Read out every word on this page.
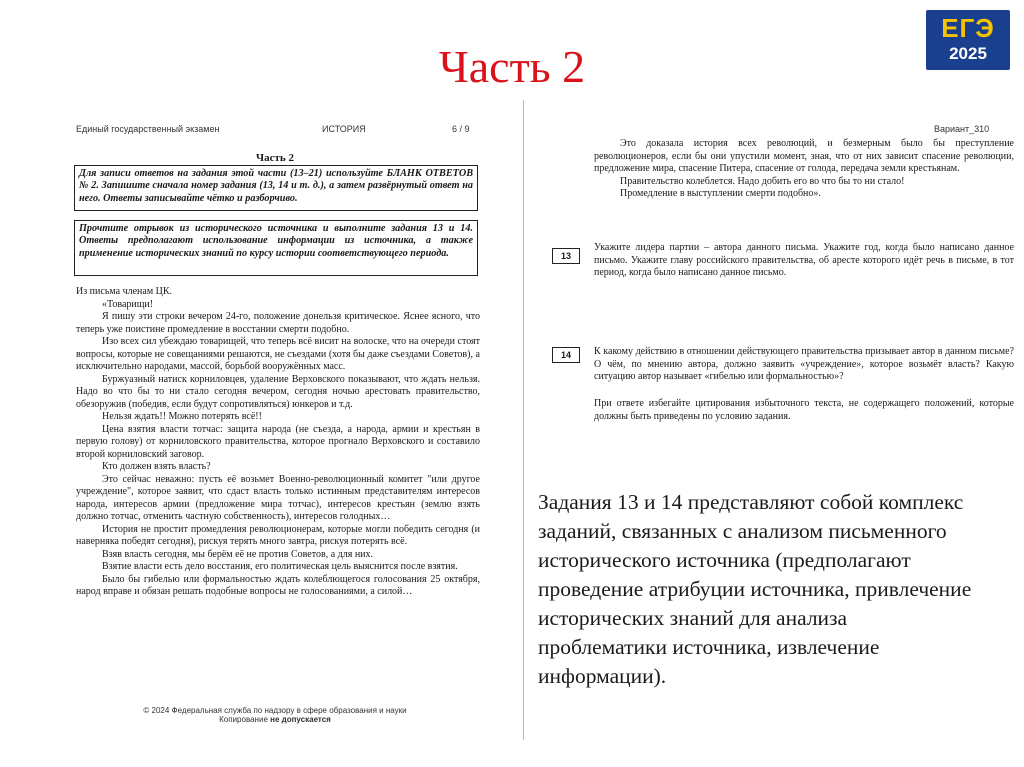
Часть 2
ЕГЭ
2025
Единый государственный экзамен	ИСТОРИЯ	6 / 9
Часть 2
Для записи ответов на задания этой части (13–21) используйте БЛАНК ОТВЕТОВ № 2. Запишите сначала номер задания (13, 14 и т. д.), а затем развёрнутый ответ на него. Ответы записывайте чётко и разборчиво.
Прочтите отрывок из исторического источника и выполните задания 13 и 14. Ответы предполагают использование информации из источника, а также применение исторических знаний по курсу истории соответствующего периода.

Из письма членам ЦК.

«Товарищи!

Я пишу эти строки вечером 24-го, положение донельзя критическое. Яснее ясного, что теперь уже поистине промедление в восстании смерти подобно.

Изо всех сил убеждаю товарищей, что теперь всё висит на волоске, что на очереди стоят вопросы, которые не совещаниями решаются, не съездами (хотя бы даже съездами Советов), а исключительно народами, массой, борьбой вооружённых масс.

Буржуазный натиск корниловцев, удаление Верховского показывают, что ждать нельзя. Надо во что бы то ни стало сегодня вечером, сегодня ночью арестовать правительство, обезоружив (победив, если будут сопротивляться) юнкеров и т.д.

Нельзя ждать!! Можно потерять всё!!

Цена взятия власти тотчас: защита народа (не съезда, а народа, армии и крестьян в первую голову) от корниловского правительства, которое прогнало Верховского и составило второй корниловский заговор.

Кто должен взять власть?

Это сейчас неважно: пусть её возьмет Военно-революционный комитет "или другое учреждение", которое заявит, что сдаст власть только истинным представителям интересов народа, интересов армии (предложение мира тотчас), интересов крестьян (землю взять должно тотчас, отменить частную собственность), интересов голодных…

История не простит промедления революционерам, которые могли победить сегодня (и наверняка победят сегодня), рискуя терять много завтра, рискуя потерять всё.

Взяв власть сегодня, мы берём её не против Советов, а для них.

Взятие власти есть дело восстания, его политическая цель выяснится после взятия.

Было бы гибелью или формальностью ждать колеблющегося голосования 25 октября, народ вправе и обязан решать подобные вопросы не голосованиями, а силой…

© 2024 Федеральная служба по надзору в сфере образования и науки
Копирование не допускается
Вариант_310

Это доказала история всех революций, и безмерным было бы преступление революционеров, если бы они упустили момент, зная, что от них зависит спасение революции, предложение мира, спасение Питера, спасение от голода, передача земли крестьянам.

Правительство колеблется. Надо добить его во что бы то ни стало!

Промедление в выступлении смерти подобно».

13

Укажите лидера партии – автора данного письма. Укажите год, когда было написано данное письмо. Укажите главу российского правительства, об аресте которого идёт речь в письме, в тот период, когда было написано данное письмо.

14	К какому действию в отношении действующего правительства призывает автор в данном письме? О чём, по мнению автора, должно заявить «учреждение», которое возьмёт власть? Какую ситуацию автор называет «гибелью или формальностью»?

При ответе избегайте цитирования избыточного текста, не содержащего положений, которые должны быть приведены по условию задания.

Задания 13 и 14 представляют собой комплекс заданий, связанных с анализом письменного исторического источника (предполагают проведение атрибуции источника, привлечение исторических знаний для анализа проблематики источника, извлечение информации).
